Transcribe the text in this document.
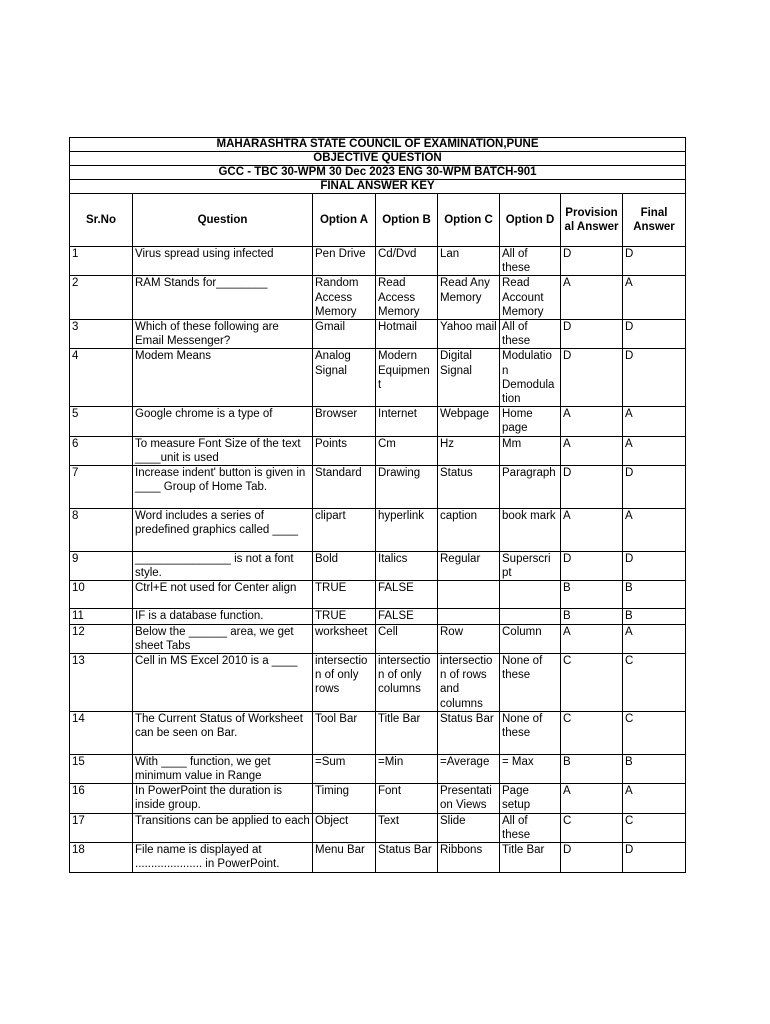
MAHARASHTRA STATE COUNCIL OF EXAMINATION,PUNE							
OBJECTIVE QUESTION							
GCC - TBC 30-WPM 30 Dec 2023 ENG 30-WPM BATCH-901							
FINAL ANSWER KEY							
Sr.No	Question	Option A	Option B	Option C	Option D	Provisional Answer	Final Answer
1	Virus spread using infected	Pen Drive	Cd/Dvd	Lan	All of these	D	D
2	RAM Stands for________	Random Access Memory	Read Access Memory	Read Any Memory	Read Account Memory	A	A
3	Which of these following are Email Messenger?	Gmail	Hotmail	Yahoo mail	All of these	D	D
4	Modem Means	Analog Signal	Modern Equipmen t	Digital Signal	Modulatio n Demodula tion	D	D
5	Google chrome is a type of	Browser	Internet	Webpage	Home page	A	A
6	To measure Font Size of the text ____unit is used	Points	Cm	Hz	Mm	A	A
7	Increase indent' button is given in ____ Group of Home Tab.	Standard	Drawing	Status	Paragraph	D	D
8	Word includes a series of predefined graphics called ____	clipart	hyperlink	caption	book mark	A	A
9	_______________ is not a font style.	Bold	Italics	Regular	Superscri pt	D	D
10	Ctrl+E not used for Center align	TRUE	FALSE			B	B
11	IF is a database function.	TRUE	FALSE			B	B
12	Below the ______ area, we get sheet Tabs	worksheet	Cell	Row	Column	A	A
13	Cell in MS Excel 2010 is a ____	intersectio n of only rows	intersectio n of only columns	intersectio n of rows and columns	None of these	C	C
14	The Current Status of Worksheet can be seen on Bar.	Tool Bar	Title Bar	Status Bar	None of these	C	C
15	With ____ function, we get minimum value in Range	=Sum	=Min	=Average	= Max	B	B
16	In PowerPoint the duration is inside group.	Timing	Font	Presentati on Views	Page setup	A	A
17	Transitions can be applied to each	Object	Text	Slide	All of these	C	C
18	File name is displayed at ..................... in PowerPoint.	Menu Bar	Status Bar	Ribbons	Title Bar	D	D
